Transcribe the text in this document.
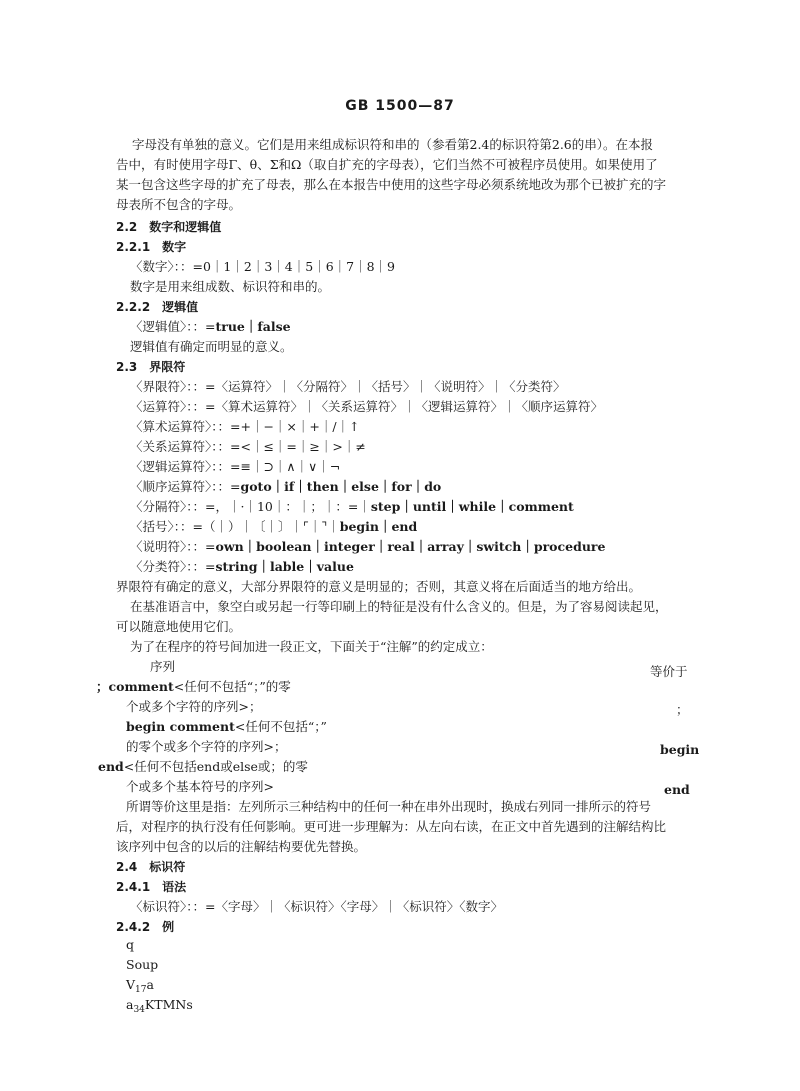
GB 1500—87
字母没有单独的意义。它们是用来组成标识符和串的（参看第2.4的标识符第2.6的串）。在本报
告中，有时使用字母Γ、θ、Σ和Ω（取自扩充的字母表），它们当然不可被程序员使用。如果使用了
某一包含这些字母的扩充了母表，那么在本报告中使用的这些字母必须系统地改为那个已被扩充的字
母表所不包含的字母。
2.2　数字和逻辑值
2.2.1　数字
〈数字〉：：=0｜1｜2｜3｜4｜5｜6｜7｜8｜9
数字是用来组成数、标识符和串的。
2.2.2　逻辑值
〈逻辑值〉：：=true｜false
逻辑值有确定而明显的意义。
2.3　界限符
〈界限符〉：：=〈运算符〉｜〈分隔符〉｜〈括号〉｜〈说明符〉｜〈分类符〉
〈运算符〉：：=〈算术运算符〉｜〈关系运算符〉｜〈逻辑运算符〉｜〈顺序运算符〉
〈算术运算符〉：：=+｜−｜×｜+｜/｜↑
〈关系运算符〉：：=<｜≤｜=｜≥｜>｜≠
〈逻辑运算符〉：：=≡｜⊃｜∧｜∨｜¬
〈顺序运算符〉：：=goto｜if｜then｜else｜for｜do
〈分隔符〉：：=，｜·｜10｜：｜；｜：=｜step｜until｜while｜comment
〈括号〉：：=（｜）｜〔｜〕｜⌜｜⌝｜begin｜end
〈说明符〉：：=own｜boolean｜integer｜real｜array｜switch｜procedure
〈分类符〉：：=string｜lable｜value
界限符有确定的意义，大部分界限符的意义是明显的；否则，其意义将在后面适当的地方给出。
在基准语言中，象空白或另起一行等印刷上的特征是没有什么含义的。但是，为了容易阅读起见，
可以随意地使用它们。
为了在程序的符号间加进一段正文，下面关于“注解”的约定成立：
序列	等价于
；comment<任何不包括“；”的零
个或多个字符的序列>；	；
begin comment<任何不包括“；”
的零个或多个字符的序列>；	begin
end<任何不包括end或else或；的零
个或多个基本符号的序列>	end
所谓等价这里是指：左列所示三种结构中的任何一种在串外出现时，换成右列同一排所示的符号
后，对程序的执行没有任何影响。更可进一步理解为：从左向右读，在正文中首先遇到的注解结构比
该序列中包含的以后的注解结构要优先替换。
2.4　标识符
2.4.1　语法
〈标识符〉：：=〈字母〉｜〈标识符〉〈字母〉｜〈标识符〉〈数字〉
2.4.2　例
q
Soup
$V_{17}a$
$a_{34}KTMNs$
